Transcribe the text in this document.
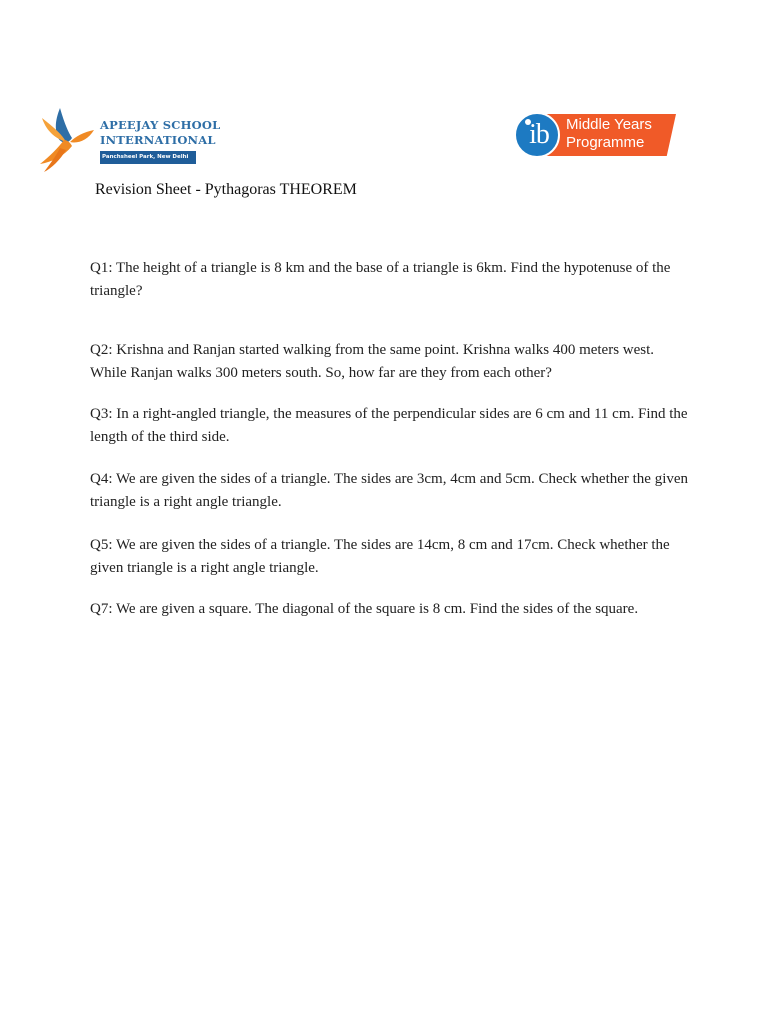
APEEJAY SCHOOL
INTERNATIONAL
Panchsheel Park, New Delhi
Middle Years
Programme
ib
Revision Sheet - Pythagoras THEOREM

Q1: The height of a triangle is 8 km and the base of a triangle is 6km. Find the hypotenuse of the triangle?

Q2: Krishna and Ranjan started walking from the same point. Krishna walks 400 meters west. While Ranjan walks 300 meters south. So, how far are they from each other?

Q3: In a right-angled triangle, the measures of the perpendicular sides are 6 cm and 11 cm. Find the length of the third side.

Q4: We are given the sides of a triangle. The sides are 3cm, 4cm and 5cm. Check whether the given triangle is a right angle triangle.

Q5: We are given the sides of a triangle. The sides are 14cm, 8 cm and 17cm. Check whether the given triangle is a right angle triangle.

Q7: We are given a square. The diagonal of the square is 8 cm. Find the sides of the square.
